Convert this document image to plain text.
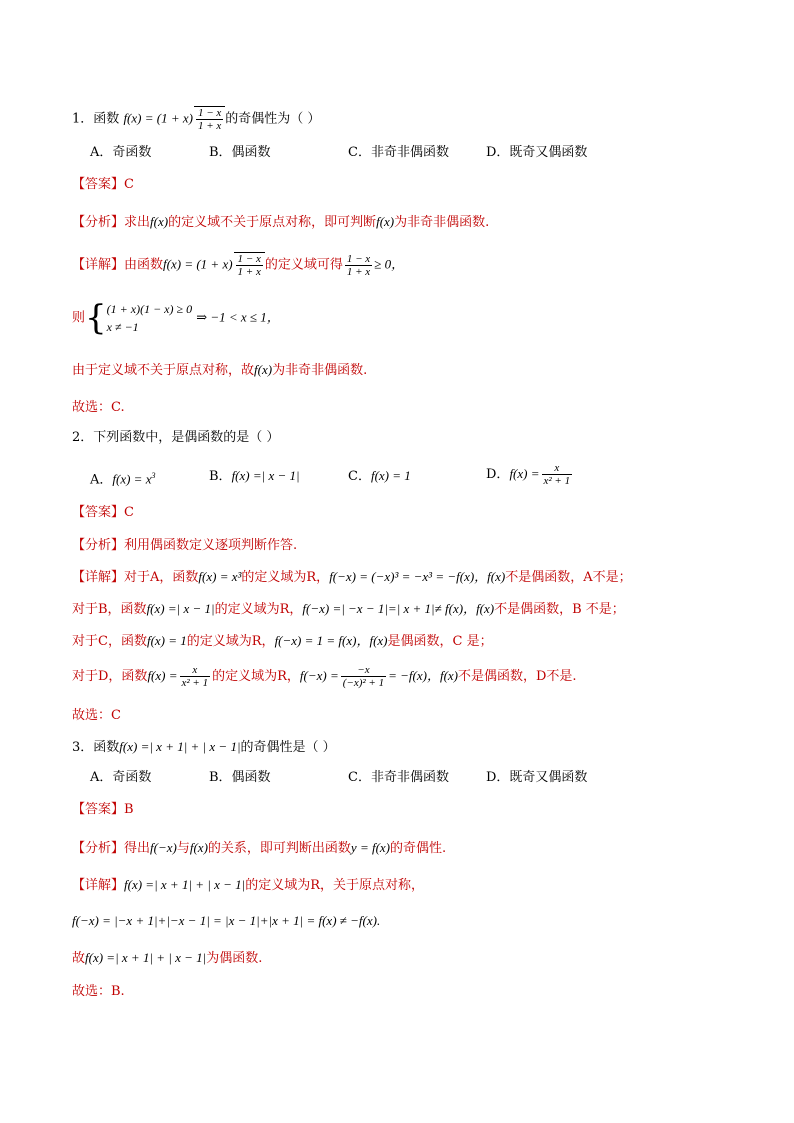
1．函数 $f(x) = (1 + x) \frac{1 - x}{1 + x}$ 的奇偶性为（ ）
A．奇函数	B．偶函数	C．非奇非偶函数	D．既奇又偶函数
【答案】C
【分析】求出f(x)的定义域不关于原点对称，即可判断f(x)为非奇非偶函数.
【详解】由函数$f(x) = (1 + x) \frac{1 - x}{1 + x}$ 的定义域可得 $\frac{1 - x}{1 + x} \ge 0$，
则{ (1 + x)(1 − x) ≥ 0
x ≠ −1
⇒ −1 < x ≤ 1，
由于定义域不关于原点对称，故f(x)为非奇非偶函数.
故选：C.
2．下列函数中，是偶函数的是（ ）
A．$f(x) = x^3$	B．f(x) =| x − 1|	C．f(x) = 1	D．$f(x) = \frac{x}{\text{x² + 1}}$
【答案】C
【分析】利用偶函数定义逐项判断作答.
【详解】对于A，函数f(x) = x³的定义域为R，f(−x) = (−x)³ = −x³ = −f(x)，f(x)不是偶函数，A不是；
对于B，函数f(x) =| x − 1|的定义域为R，f(−x) =| −x − 1|=| x + 1|≠ f(x)，f(x)不是偶函数，B 不是；
对于C，函数f(x) = 1的定义域为R，f(−x) = 1 = f(x)，f(x)是偶函数，C 是；
对于D，函数$f(x) = \frac{x}{\text{x² + 1}}$ 的定义域为R，$f(-x) = \frac{-x}{\text{(−x)² + 1}} = -f(x)$，f(x)不是偶函数，D不是.
故选：C
3．函数f(x) =| x + 1| + | x − 1|的奇偶性是（ ）
A．奇函数	B．偶函数	C．非奇非偶函数	D．既奇又偶函数
【答案】B
【分析】得出f(−x)与f(x)的关系，即可判断出函数y = f(x)的奇偶性.
【详解】f(x) =| x + 1| + | x − 1|的定义域为R，关于原点对称，
f(−x) = |−x + 1|+|−x − 1| = |x − 1|+|x + 1| = f(x) ≠ −f(x).
故f(x) =| x + 1| + | x − 1|为偶函数.
故选：B.
